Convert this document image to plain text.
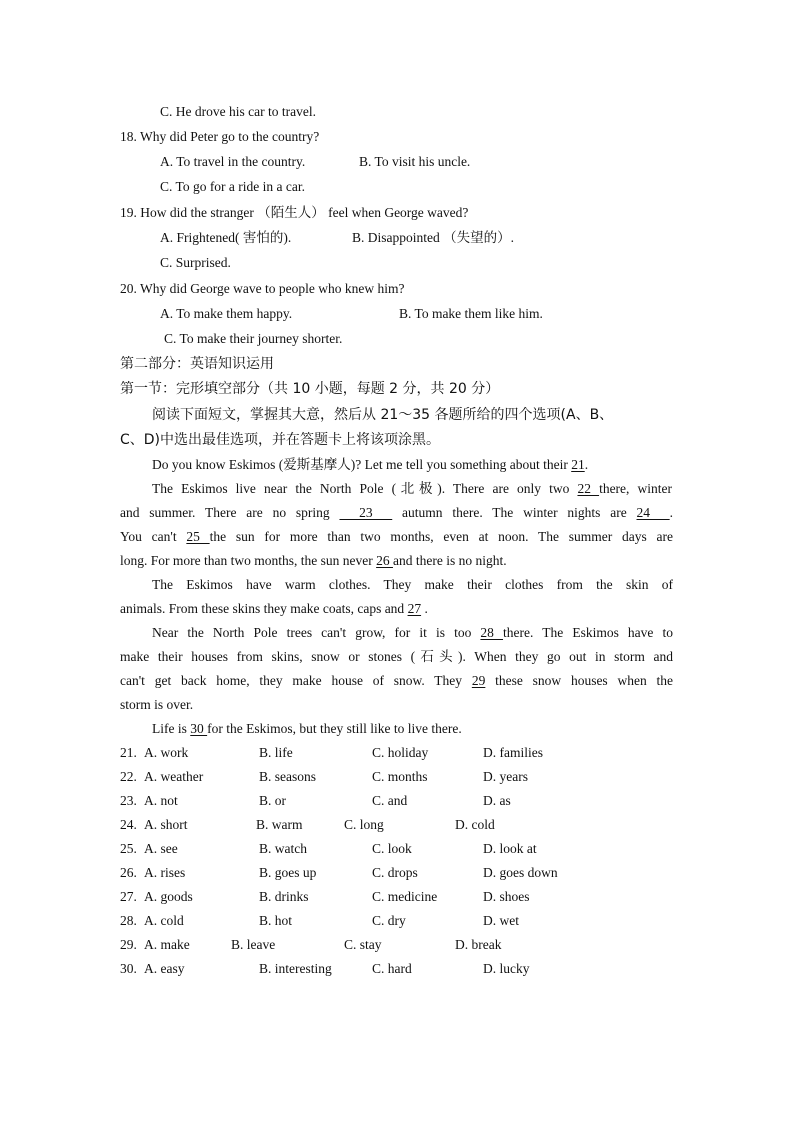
C. He drove his car to travel.
18. Why did Peter go to the country?
A. To travel in the country.	B. To visit his uncle.
C. To go for a ride in a car.
19. How did the stranger （陌生人） feel when George waved?
A. Frightened( 害怕的).	B. Disappointed （失望的）.
C. Surprised.
20. Why did George wave to people who knew him?
A. To make them happy.	B. To make them like him.
C. To make their journey shorter.
第二部分：英语知识运用
第一节：完形填空部分（共 10 小题，每题 2 分，共 20 分）
阅读下面短文，掌握其大意，然后从 21～35 各题所给的四个选项(A、B、
C、D)中选出最佳选项，并在答题卡上将该项涂黑。
Do you know Eskimos (爱斯基摩人)? Let me tell you something about their 21.
The Eskimos live near the North Pole (北极). There are only two 22 there, winter
and summer. There are no spring   23   autumn there. The winter nights are 24  .
You can't 25 the sun for more than two months, even at noon. The summer days are
long. For more than two months, the sun never 26 and there is no night.
The Eskimos have warm clothes. They make their clothes from the skin of
animals. From these skins they make coats, caps and 27 .
Near the North Pole trees can't grow, for it is too 28 there. The Eskimos have to
make their houses from skins, snow or stones (石头). When they go out in storm and
can't get back home, they make house of snow. They 29 these snow houses when the
storm is over.
Life is 30 for the Eskimos, but they still like to live there.
21. A. work	B. life	C. holiday	D. families
22. A. weather	B. seasons	C. months	D. years
23. A. not	B. or	C. and	D. as
24. A. short	B. warm	C. long	D. cold
25. A. see	B. watch	C. look	D. look at
26. A. rises	B. goes up	C. drops	D. goes down
27. A. goods	B. drinks	C. medicine	D. shoes
28. A. cold	B. hot	C. dry	D. wet
29. A. make	B. leave	C. stay	D. break
30. A. easy	B. interesting	C. hard	D. lucky
